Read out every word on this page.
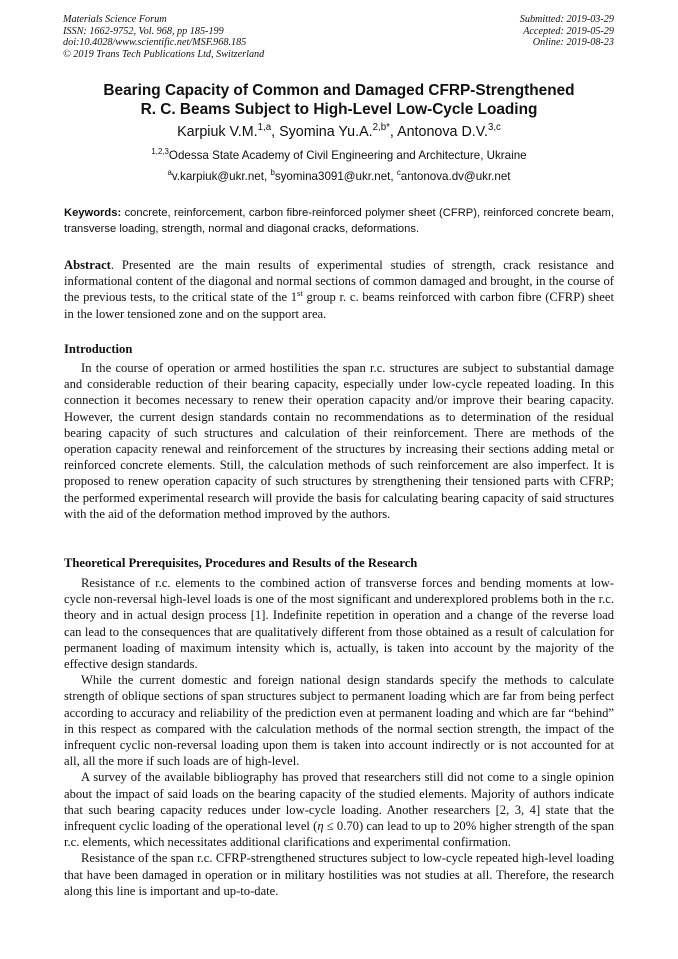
Materials Science Forum
ISSN: 1662-9752, Vol. 968, pp 185-199
doi:10.4028/www.scientific.net/MSF.968.185
© 2019 Trans Tech Publications Ltd, Switzerland
Submitted: 2019-03-29
Accepted: 2019-05-29
Online: 2019-08-23
Bearing Capacity of Common and Damaged CFRP-Strengthened
R. C. Beams Subject to High-Level Low-Cycle Loading
Karpiuk V.M.$^{1,a}$, Syomina Yu.A.$^{2,b*}$, Antonova D.V.$^{3,c}$
$^{1,2,3}$Odessa State Academy of Civil Engineering and Architecture, Ukraine
$^a$v.karpiuk@ukr.net, $^b$syomina3091@ukr.net, $^c$antonova.dv@ukr.net
Keywords: concrete, reinforcement, carbon fibre-reinforced polymer sheet (CFRP), reinforced concrete beam, transverse loading, strength, normal and diagonal cracks, deformations.

Abstract. Presented are the main results of experimental studies of strength, crack resistance and informational content of the diagonal and normal sections of common damaged and brought, in the course of the previous tests, to the critical state of the 1st group r. c. beams reinforced with carbon fibre (CFRP) sheet in the lower tensioned zone and on the support area.

Introduction

In the course of operation or armed hostilities the span r.c. structures are subject to substantial damage and considerable reduction of their bearing capacity, especially under low-cycle repeated loading. In this connection it becomes necessary to renew their operation capacity and/or improve their bearing capacity. However, the current design standards contain no recommendations as to determination of the residual bearing capacity of such structures and calculation of their reinforcement. There are methods of the operation capacity renewal and reinforcement of the structures by increasing their sections adding metal or reinforced concrete elements. Still, the calculation methods of such reinforcement are also imperfect. It is proposed to renew operation capacity of such structures by strengthening their tensioned parts with CFRP; the performed experimental research will provide the basis for calculating bearing capacity of said structures with the aid of the deformation method improved by the authors.

Theoretical Prerequisites, Procedures and Results of the Research

Resistance of r.c. elements to the combined action of transverse forces and bending moments at low-cycle non-reversal high-level loads is one of the most significant and underexplored problems both in the r.c. theory and in actual design process [1]. Indefinite repetition in operation and a change of the reverse load can lead to the consequences that are qualitatively different from those obtained as a result of calculation for permanent loading of maximum intensity which is, actually, is taken into account by the majority of the effective design standards.

While the current domestic and foreign national design standards specify the methods to calculate strength of oblique sections of span structures subject to permanent loading which are far from being perfect according to accuracy and reliability of the prediction even at permanent loading and which are far “behind” in this respect as compared with the calculation methods of the normal section strength, the impact of the infrequent cyclic non-reversal loading upon them is taken into account indirectly or is not accounted for at all, all the more if such loads are of high-level.

A survey of the available bibliography has proved that researchers still did not come to a single opinion about the impact of said loads on the bearing capacity of the studied elements. Majority of authors indicate that such bearing capacity reduces under low-cycle loading. Another researchers [2, 3, 4] state that the infrequent cyclic loading of the operational level (η ≤ 0.70) can lead to up to 20% higher strength of the span r.c. elements, which necessitates additional clarifications and experimental confirmation.

Resistance of the span r.c. CFRP-strengthened structures subject to low-cycle repeated high-level loading that have been damaged in operation or in military hostilities was not studies at all. Therefore, the research along this line is important and up-to-date.
